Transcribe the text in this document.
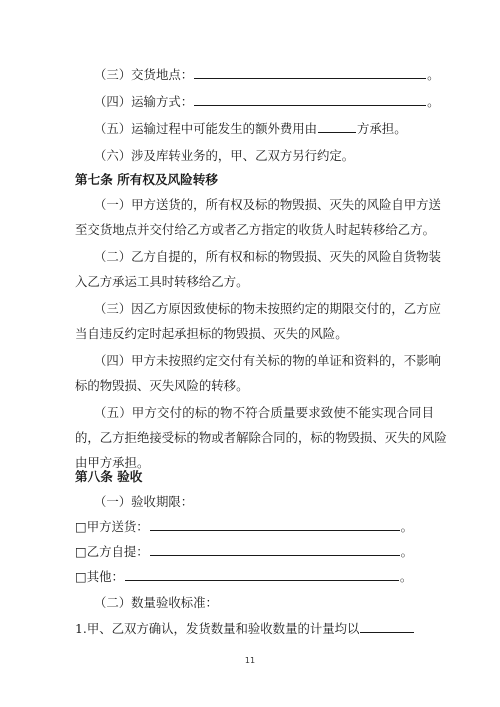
（三）交货地点：	。
（四）运输方式：	。
（五）运输过程中可能发生的额外费用由	方承担。
（六）涉及库转业务的，甲、乙双方另行约定。
第七条 所有权及风险转移
（一）甲方送货的，所有权及标的物毁损、灭失的风险自甲方送
至交货地点并交付给乙方或者乙方指定的收货人时起转移给乙方。
（二）乙方自提的，所有权和标的物毁损、灭失的风险自货物装
入乙方承运工具时转移给乙方。
（三）因乙方原因致使标的物未按照约定的期限交付的，乙方应
当自违反约定时起承担标的物毁损、灭失的风险。
（四）甲方未按照约定交付有关标的物的单证和资料的，不影响
标的物毁损、灭失风险的转移。
（五）甲方交付的标的物不符合质量要求致使不能实现合同目
的，乙方拒绝接受标的物或者解除合同的，标的物毁损、灭失的风险
由甲方承担。
第八条 验收
（一）验收期限：
□甲方送货：	。
□乙方自提：	。
□其他：	。
（二）数量验收标准：
1.甲、乙双方确认，发货数量和验收数量的计量均以
11
